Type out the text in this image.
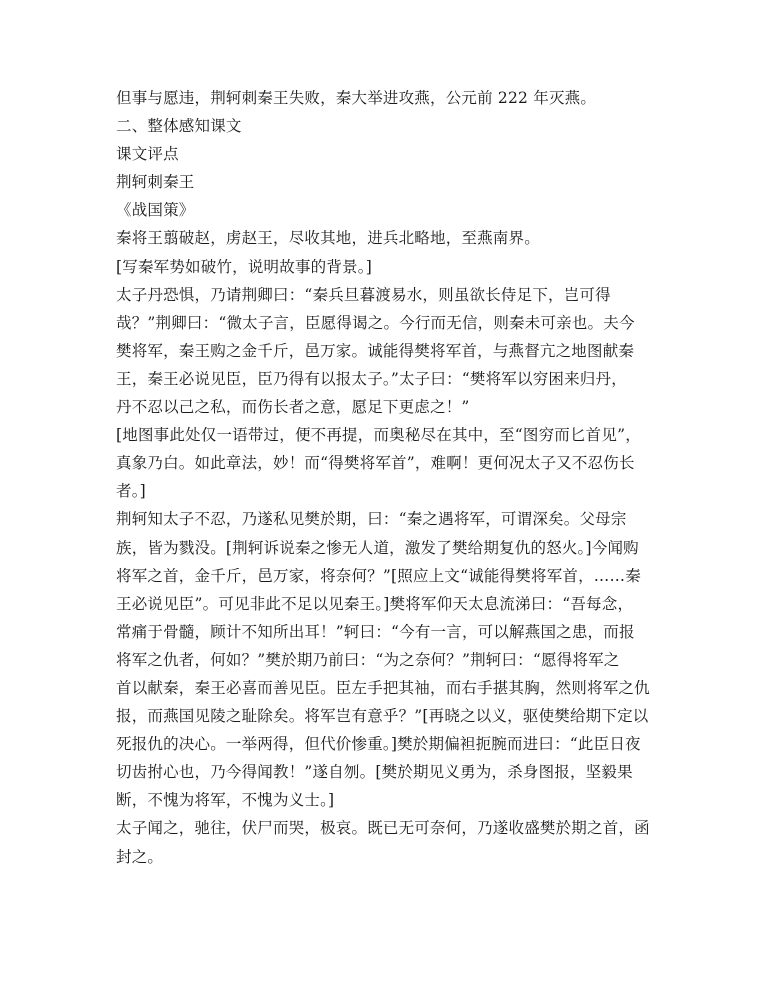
但事与愿违，荆轲刺秦王失败，秦大举进攻燕，公元前 222 年灭燕。
二、整体感知课文
课文评点
荆轲刺秦王
《战国策》
秦将王翦破赵，虏赵王，尽收其地，进兵北略地，至燕南界。
[写秦军势如破竹，说明故事的背景。]
太子丹恐惧，乃请荆卿曰：“秦兵旦暮渡易水，则虽欲长侍足下，岂可得
哉？”荆卿曰：“微太子言，臣愿得谒之。今行而无信，则秦未可亲也。夫今
樊将军，秦王购之金千斤，邑万家。诚能得樊将军首，与燕督亢之地图献秦
王，秦王必说见臣，臣乃得有以报太子。”太子曰：“樊将军以穷困来归丹，
丹不忍以己之私，而伤长者之意，愿足下更虑之！”
[地图事此处仅一语带过，便不再提，而奥秘尽在其中，至“图穷而匕首见”，
真象乃白。如此章法，妙！而“得樊将军首”，难啊！更何况太子又不忍伤长
者。]
荆轲知太子不忍，乃遂私见樊於期，曰：“秦之遇将军，可谓深矣。父母宗
族，皆为戮没。[荆轲诉说秦之惨无人道，激发了樊给期复仇的怒火。]今闻购
将军之首，金千斤，邑万家，将奈何？”[照应上文“诚能得樊将军首，……秦
王必说见臣”。可见非此不足以见秦王。]樊将军仰天太息流涕曰：“吾每念，
常痛于骨髓，顾计不知所出耳！”轲曰：“今有一言，可以解燕国之患，而报
将军之仇者，何如？”樊於期乃前曰：“为之奈何？”荆轲曰：“愿得将军之
首以献秦，秦王必喜而善见臣。臣左手把其袖，而右手揕其胸，然则将军之仇
报，而燕国见陵之耻除矣。将军岂有意乎？”[再晓之以义，驱使樊给期下定以
死报仇的决心。一举两得，但代价惨重。]樊於期偏袒扼腕而进曰：“此臣日夜
切齿拊心也，乃今得闻教！”遂自刎。[樊於期见义勇为，杀身图报，坚毅果
断，不愧为将军，不愧为义士。]
太子闻之，驰往，伏尸而哭，极哀。既已无可奈何，乃遂收盛樊於期之首，函
封之。
